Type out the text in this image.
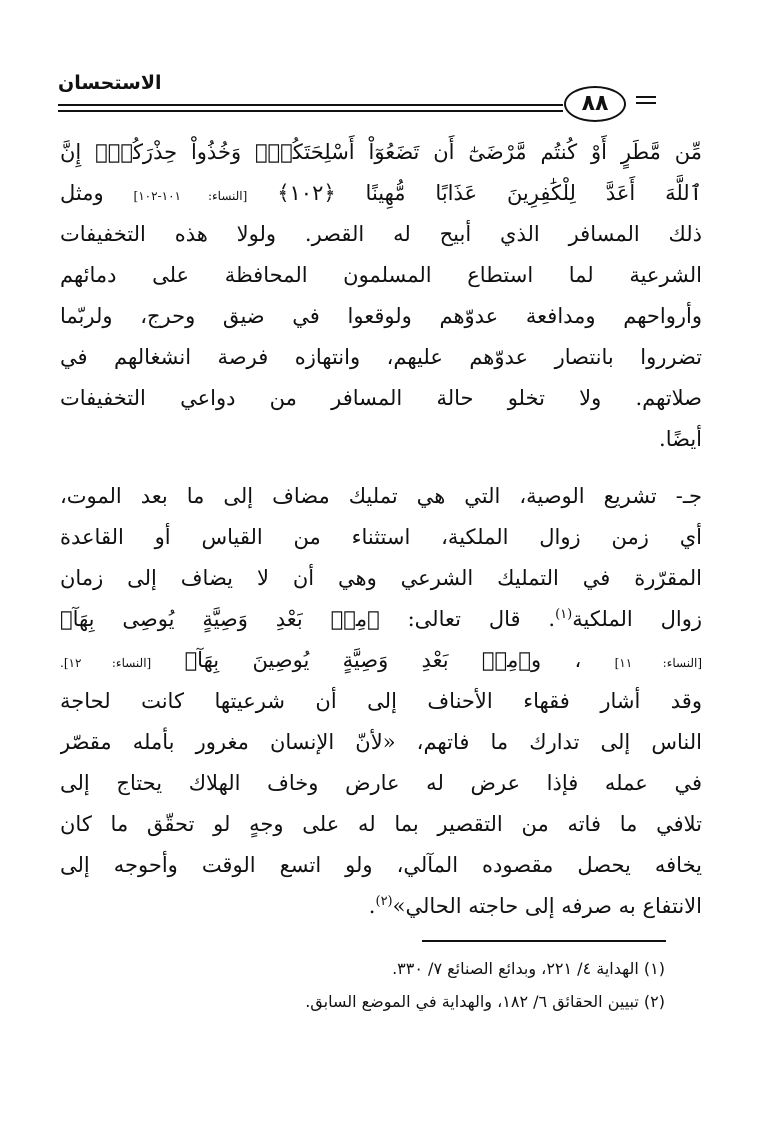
الاستحسان
٨٨
مِّن مَّطَرٍ أَوْ كُنتُم مَّرْضَىٰٓ أَن تَضَعُوٓاْ أَسْلِحَتَكُمْۖ وَخُذُواْ حِذْرَكُمْۗ إِنَّ
ٱللَّهَ أَعَدَّ لِلْكَٰفِرِينَ عَذَابًا مُّهِينًا ﴿١٠٢﴾ [النساء: ١٠١-١٠٢] ومثل
ذلك المسافر الذي أبيح له القصر. ولولا هذه التخفيفات
الشرعية لما استطاع المسلمون المحافظة على دمائهم
وأرواحهم ومدافعة عدوّهم ولوقعوا في ضيق وحرج، ولربّما
تضرروا بانتصار عدوّهم عليهم، وانتهازه فرصة انشغالهم في
صلاتهم. ولا تخلو حالة المسافر من دواعي التخفيفات
أيضًا.
جـ- تشريع الوصية، التي هي تمليك مضاف إلى ما بعد الموت،
أي زمن زوال الملكية، استثناء من القياس أو القاعدة
المقرّرة في التمليك الشرعي وهي أن لا يضاف إلى زمان
زوال الملكية$^{(١)}$. قال تعالى: ﴿مِنۢ بَعْدِ وَصِيَّةٍ يُوصِى بِهَآ﴾
[النساء: ١١] ، و﴿مِنۢ بَعْدِ وَصِيَّةٍ يُوصِينَ بِهَآ﴾ [النساء: ١٢].
وقد أشار فقهاء الأحناف إلى أن شرعيتها كانت لحاجة
الناس إلى تدارك ما فاتهم، «لأنّ الإنسان مغرور بأمله مقصّر
في عمله فإذا عرض له عارض وخاف الهلاك يحتاج إلى
تلافي ما فاته من التقصير بما له على وجهٍ لو تحقّق ما كان
يخافه يحصل مقصوده المآلي، ولو اتسع الوقت وأحوجه إلى
الانتفاع به صرفه إلى حاجته الحالي»$^{(٢)}$.
(١) الهداية ٤/ ٢٢١، وبدائع الصنائع ٧/ ٣٣٠.
(٢) تبيين الحقائق ٦/ ١٨٢، والهداية في الموضع السابق.
